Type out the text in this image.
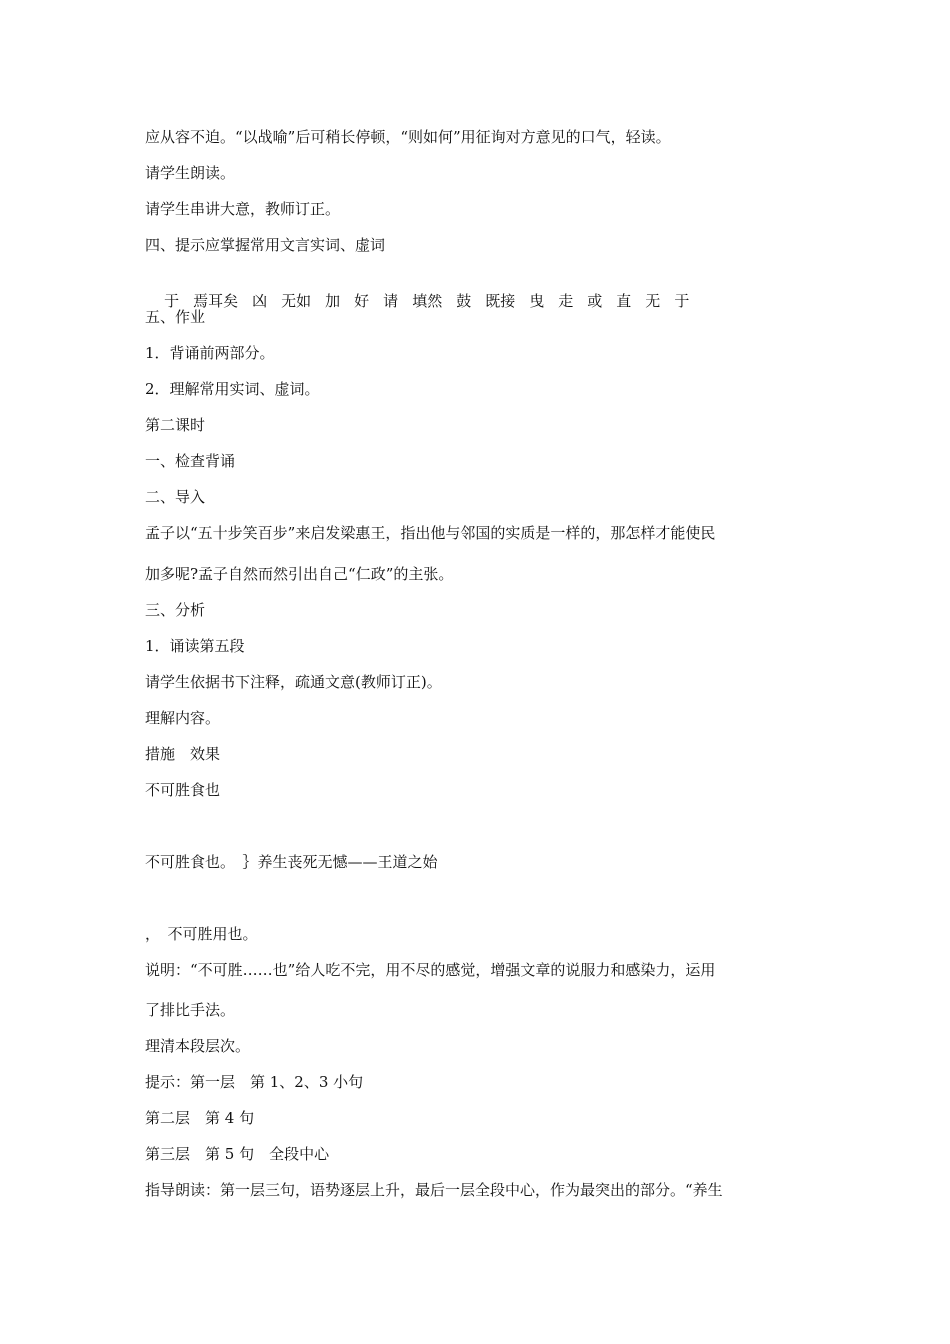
应从容不迫。“以战喻”后可稍长停顿，“则如何”用征询对方意见的口气，轻读。
请学生朗读。
请学生串讲大意，教师订正。
四、提示应掌握常用文言实词、虚词

于 焉耳矣 凶 无如 加 好 请 填然 鼓 既接 曳 走 或 直 无 于

五、作业
1．背诵前两部分。
2．理解常用实词、虚词。
第二课时
一、检查背诵
二、导入
孟子以“五十步笑百步”来启发梁惠王，指出他与邻国的实质是一样的，那怎样才能使民
加多呢?孟子自然而然引出自己“仁政”的主张。
三、分析
1．诵读第五段
请学生依据书下注释，疏通文意(教师订正)。
理解内容。
措施　效果
不可胜食也
不可胜食也。　｝养生丧死无憾——王道之始
，　不可胜用也。
说明：“不可胜……也”给人吃不完，用不尽的感觉，增强文章的说服力和感染力，运用
了排比手法。
理清本段层次。
提示：第一层　第 1、2、3 小句
第二层　第 4 句
第三层　第 5 句　全段中心
指导朗读：第一层三句，语势逐层上升，最后一层全段中心，作为最突出的部分。“养生
